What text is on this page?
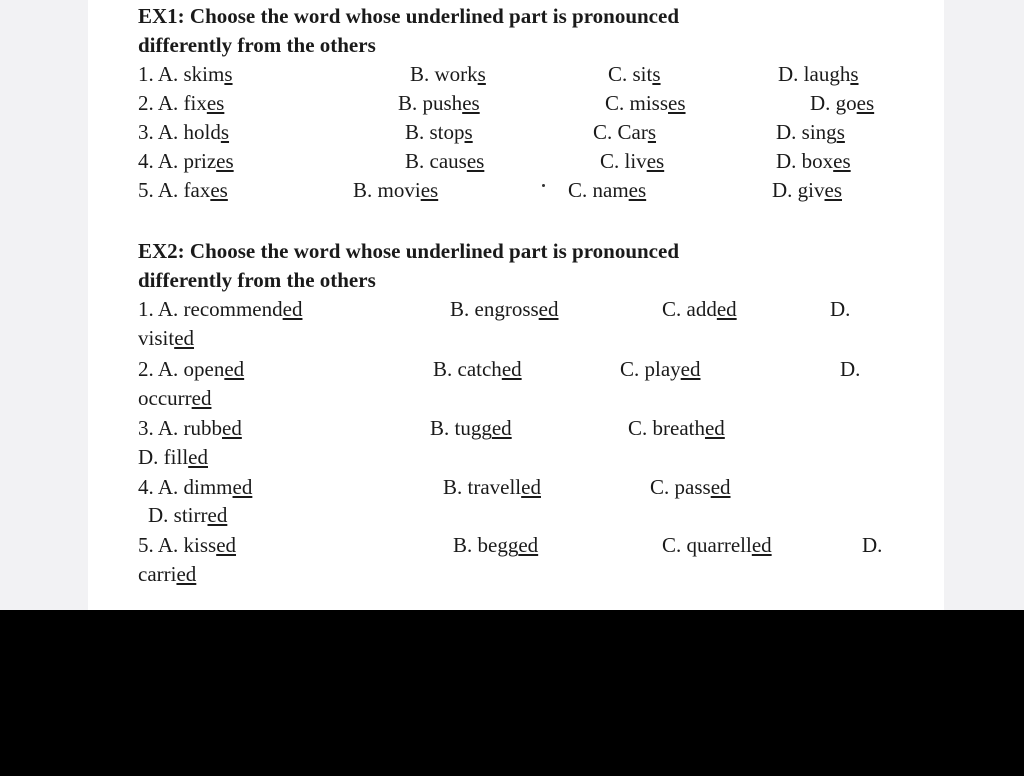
EX1: Choose the word whose underlined part is pronounced
differently from the others
1. A. skims	B. works	C. sits	D. laughs
2. A. fixes	B. pushes	C. misses	D. goes
3. A. holds	B. stops	C. Cars	D. sings
4. A. prizes	B. causes	C. lives	D. boxes
5. A. faxes	B. movies	C. names	D. gives
EX2: Choose the word whose underlined part is pronounced
differently from the others
1. A. recommended	B. engrossed	C. added	D.
visited
2. A. opened	B. catched	C. played	D.
occurred
3. A. rubbed	B. tugged	C. breathed
D. filled
4. A. dimmed	B. travelled	C. passed
D. stirred
5. A. kissed	B. begged	C. quarrelled	D.
carried
